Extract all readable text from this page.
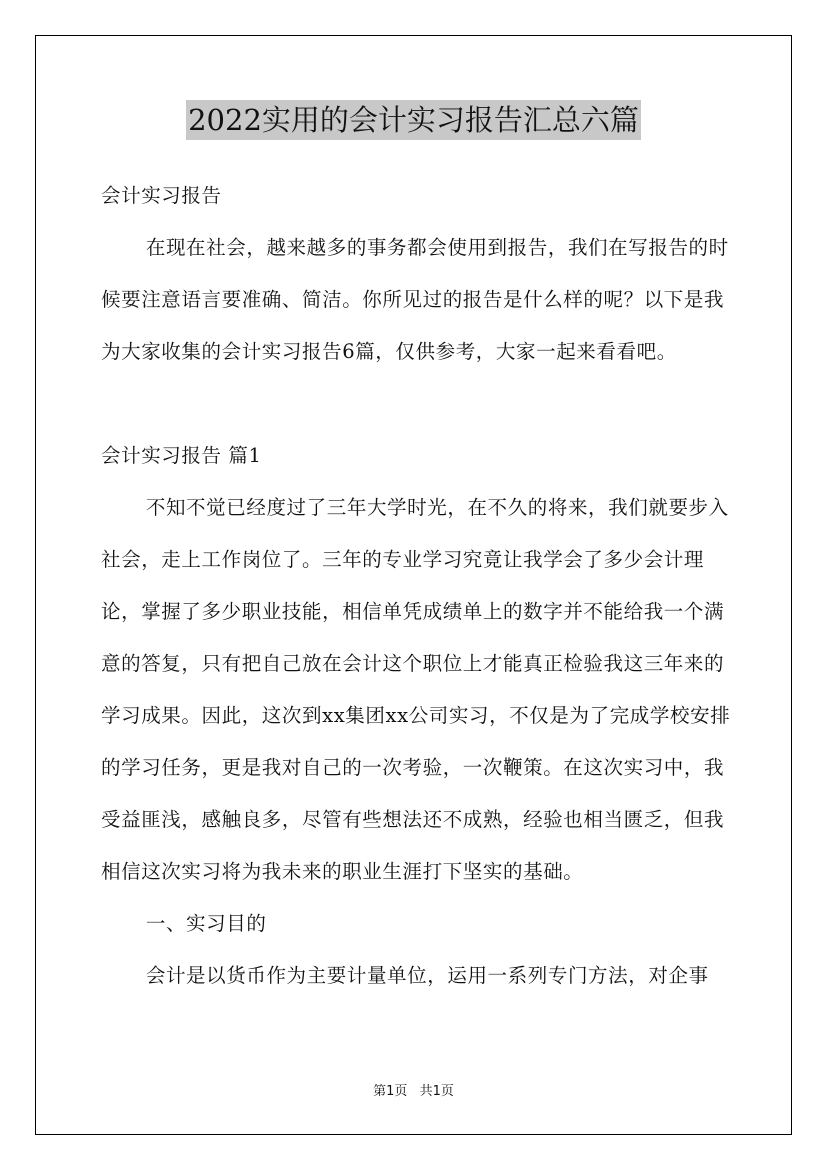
2022实用的会计实习报告汇总六篇

会计实习报告

在现在社会，越来越多的事务都会使用到报告，我们在写报告的时候要注意语言要准确、简洁。你所见过的报告是什么样的呢？以下是我为大家收集的会计实习报告6篇，仅供参考，大家一起来看看吧。

会计实习报告 篇1

不知不觉已经度过了三年大学时光，在不久的将来，我们就要步入社会，走上工作岗位了。三年的专业学习究竟让我学会了多少会计理论，掌握了多少职业技能，相信单凭成绩单上的数字并不能给我一个满意的答复，只有把自己放在会计这个职位上才能真正检验我这三年来的学习成果。因此，这次到xx集团xx公司实习，不仅是为了完成学校安排的学习任务，更是我对自己的一次考验，一次鞭策。在这次实习中，我受益匪浅，感触良多，尽管有些想法还不成熟，经验也相当匮乏，但我相信这次实习将为我未来的职业生涯打下坚实的基础。

一、实习目的

会计是以货币作为主要计量单位，运用一系列专门方法，对企事

第1页 共1页
